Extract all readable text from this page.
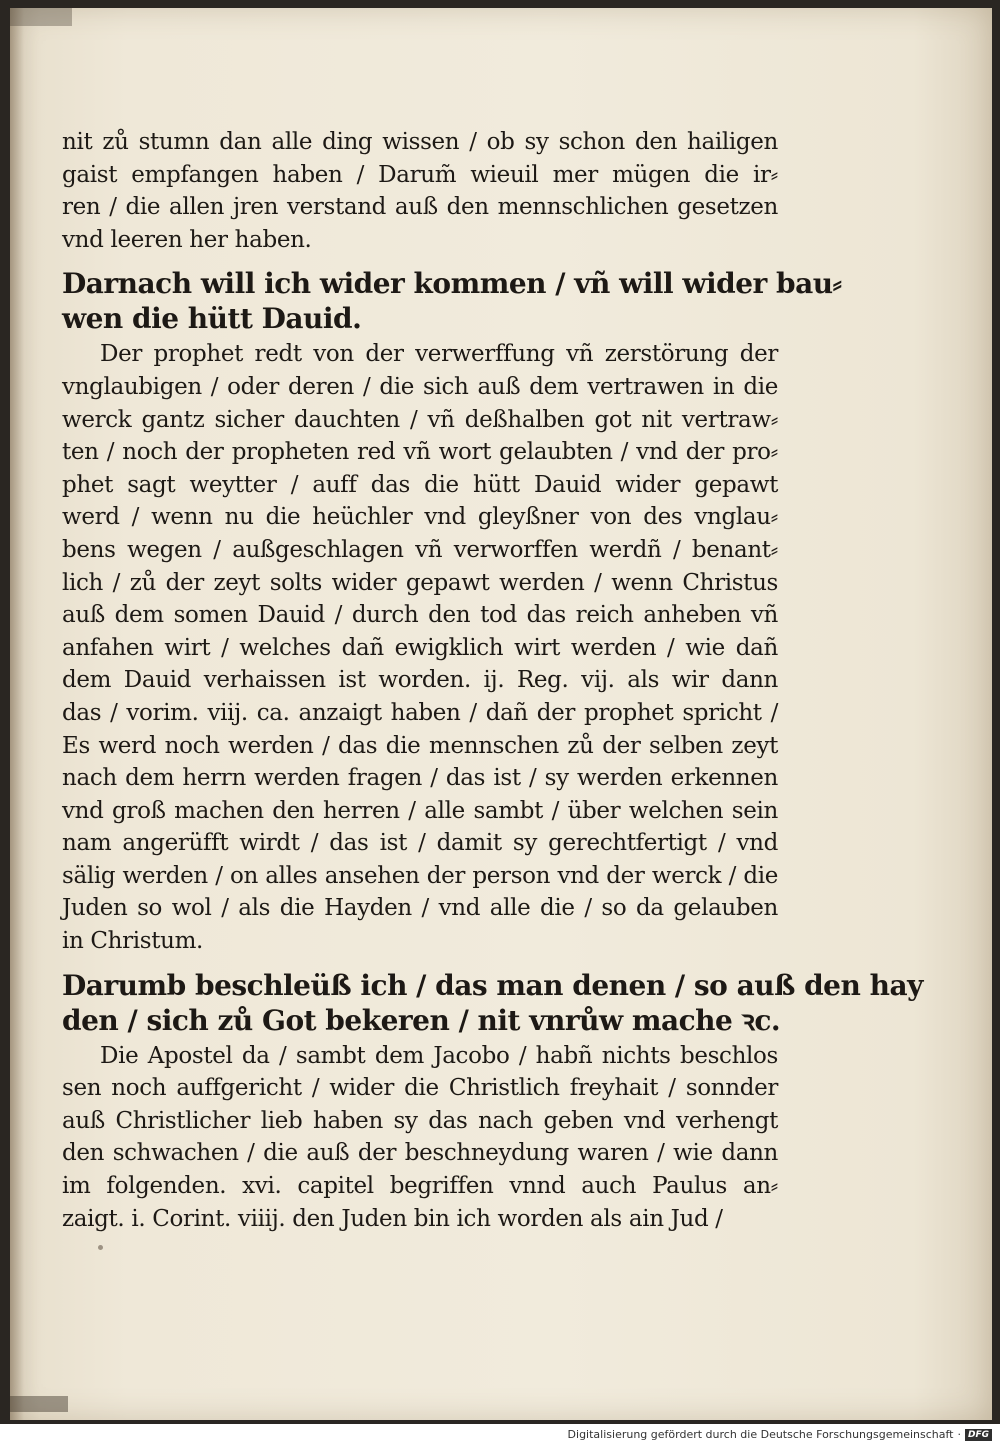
nit zů stumn dan alle ding wissen / ob sy schon den hailigen
gaist empfangen haben / Darum̃ wieuil mer mügen die ir⸗
ren / die allen jren verstand auß den mennschlichen gesetzen
vnd leeren her haben.
Darnach will ich wider kommen / vñ will wider bau⸗
wen die hütt Dauid.
Der prophet redt von der verwerffung vñ zerstörung der
vnglaubigen / oder deren / die sich auß dem vertrawen in die
werck gantz sicher dauchten / vñ deßhalben got nit vertraw⸗
ten / noch der propheten red vñ wort gelaubten / vnd der pro⸗
phet sagt weytter / auff das die hütt Dauid wider gepawt
werd / wenn nu die heüchler vnd gleyßner von des vnglau⸗
bens wegen / außgeschlagen vñ verworffen werdñ / benant⸗
lich / zů der zeyt solts wider gepawt werden / wenn Christus
auß dem somen Dauid / durch den tod das reich anheben vñ
anfahen wirt / welches dañ ewigklich wirt werden / wie dañ
dem Dauid verhaissen ist worden. ij. Reg. vij. als wir dann
das / vorim. viij. ca. anzaigt haben / dañ der prophet spricht /
Es werd noch werden / das die mennschen zů der selben zeyt
nach dem herrn werden fragen / das ist / sy werden erkennen
vnd groß machen den herren / alle sambt / über welchen sein
nam angerüfft wirdt / das ist / damit sy gerechtfertigt / vnd
sälig werden / on alles ansehen der person vnd der werck / die
Juden so wol / als die Hayden / vnd alle die / so da gelauben
in Christum.
Darumb beschleüß ich / das man denen / so auß den hay
den / sich zů Got bekeren / nit vnrůw mache ꝛc.
Die Apostel da / sambt dem Jacobo / habñ nichts beschlos
sen noch auffgericht / wider die Christlich freyhait / sonnder
auß Christlicher lieb haben sy das nach geben vnd verhengt
den schwachen / die auß der beschneydung waren / wie dann
im folgenden. xvi. capitel begriffen vnnd auch Paulus an⸗
zaigt. i. Corint. viiij. den Juden bin ich worden als ain Jud /
Digitalisierung gefördert durch die Deutsche Forschungsgemeinschaft · DFG
